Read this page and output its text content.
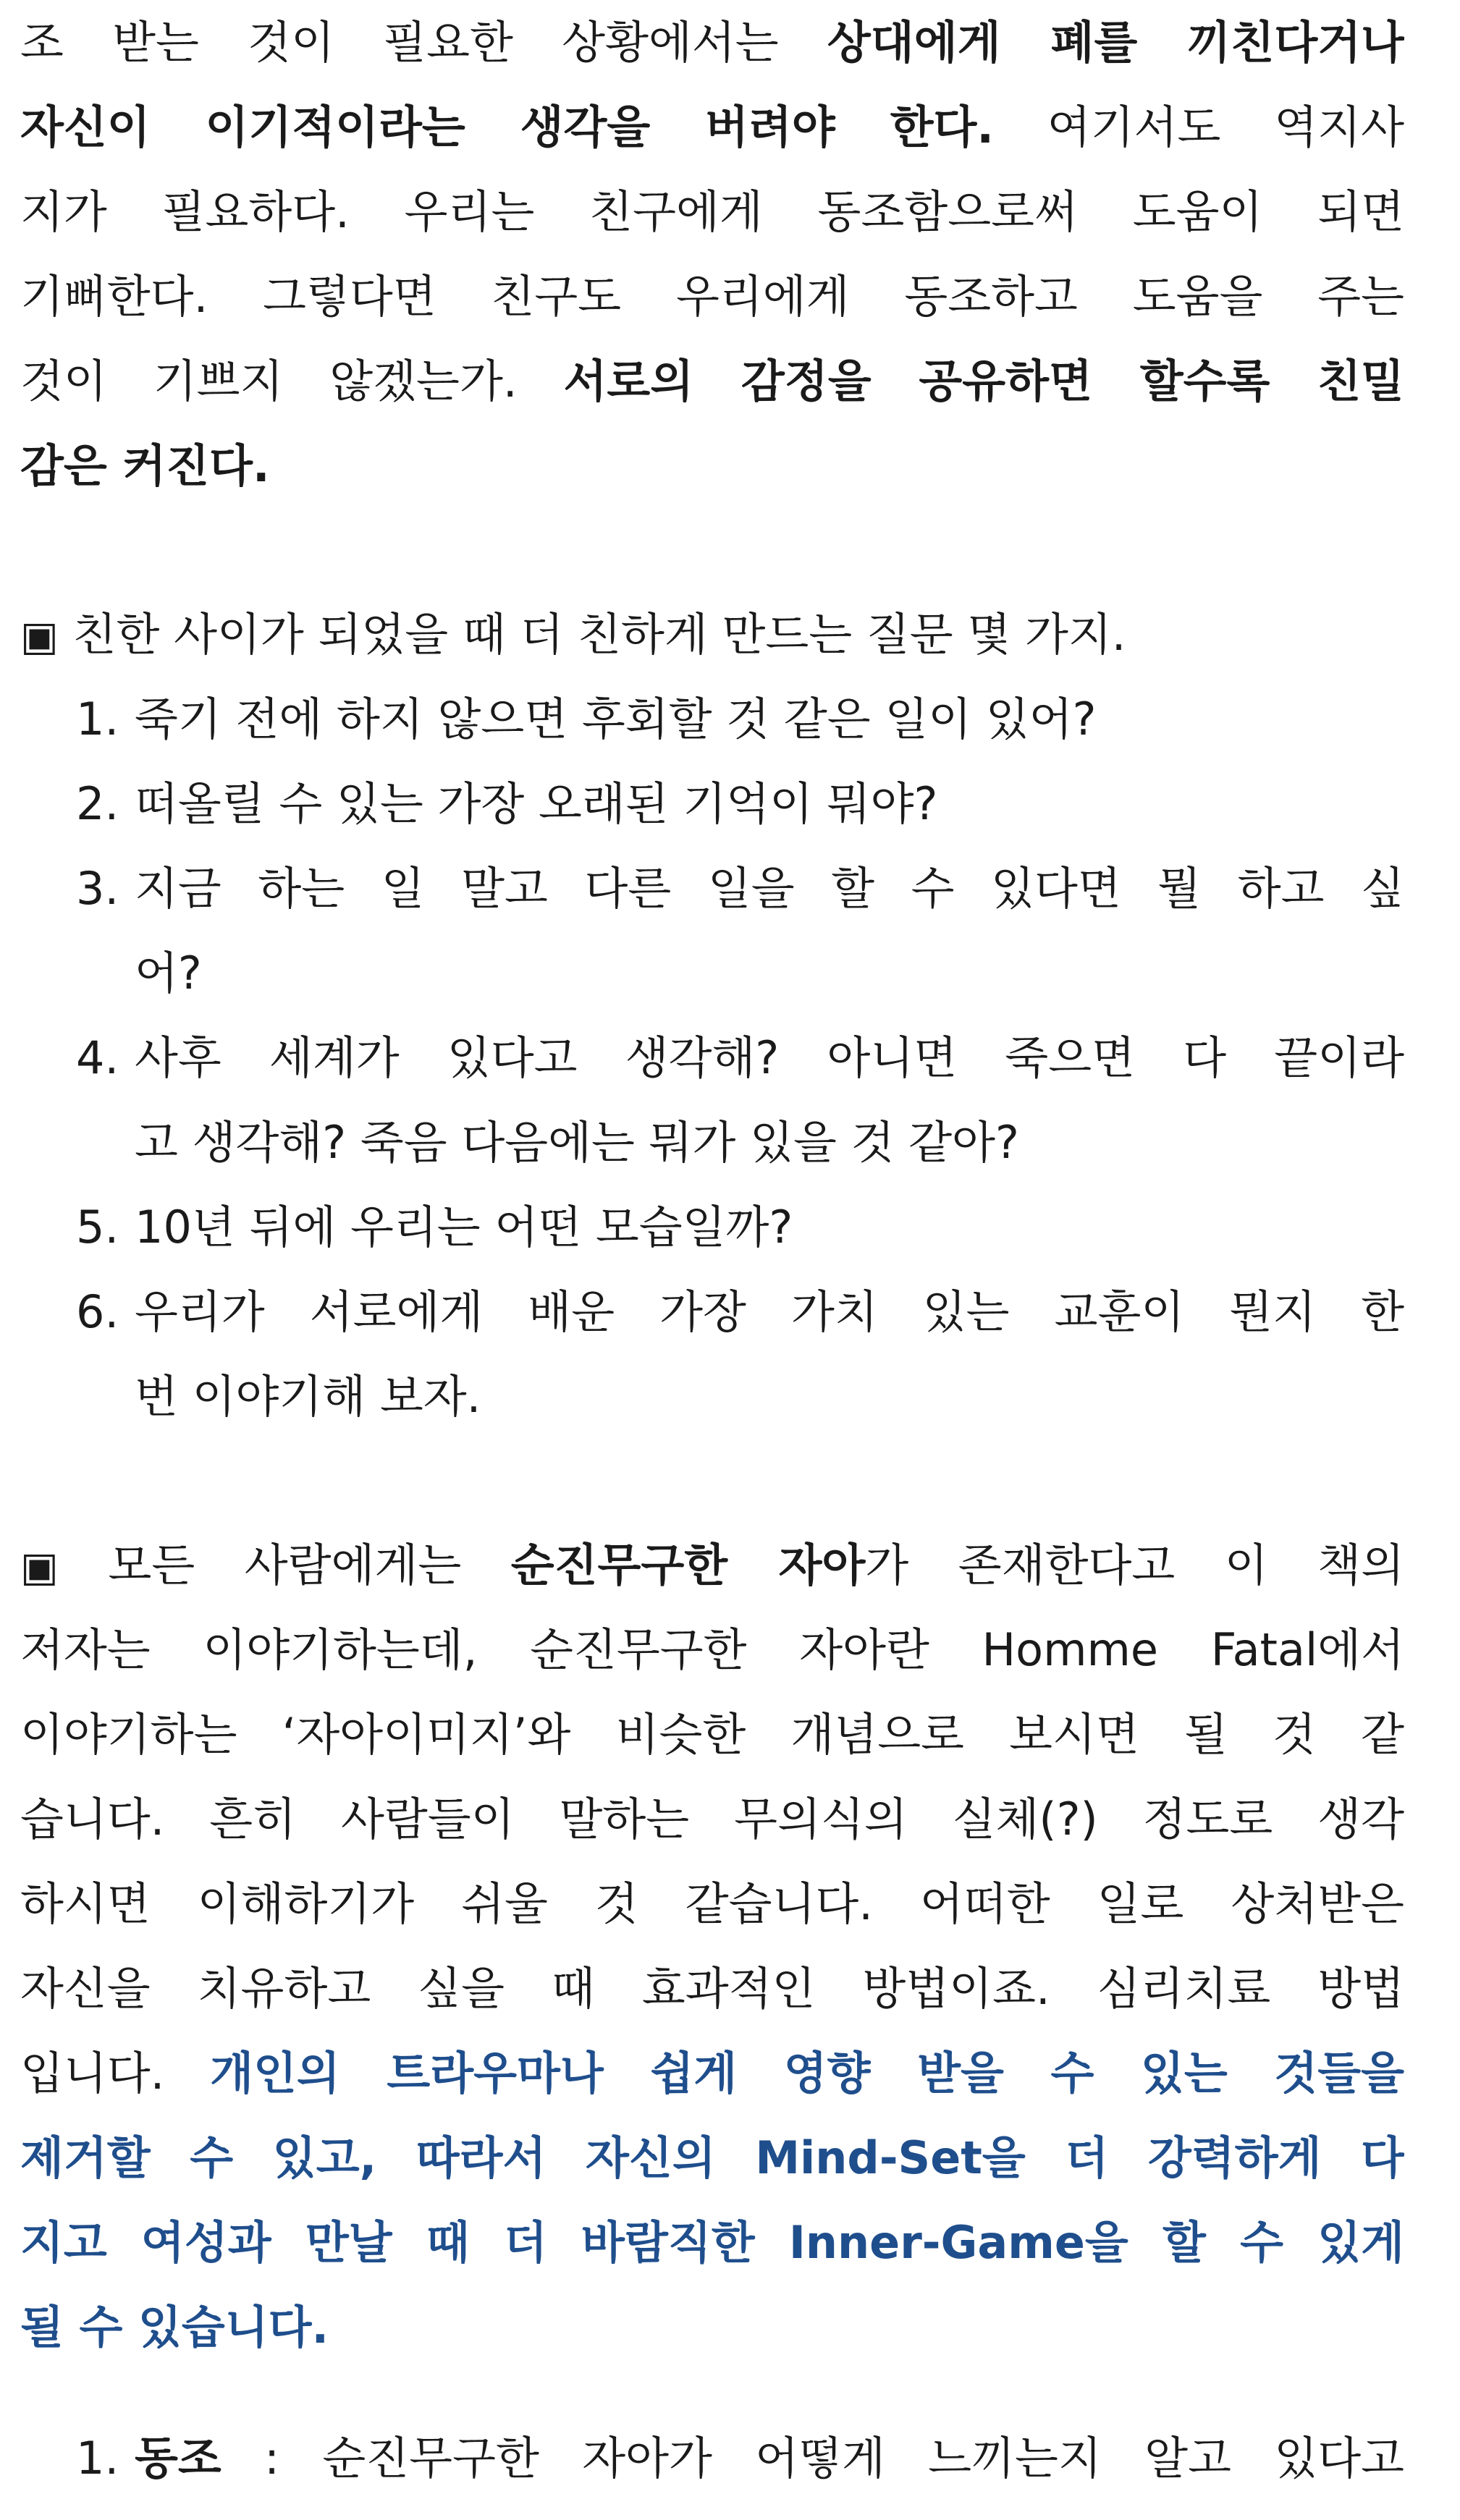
조 받는 것이 필요한 상황에서는 상대에게 폐를 끼친다거나
자신이 이기적이라는 생각을 버려야 한다. 여기서도 역지사
지가 필요하다. 우리는 친구에게 동조함으로써 도움이 되면
기뻐한다. 그렇다면 친구도 우리에게 동조하고 도움을 주는
것이 기쁘지 않겠는가. 서로의 감정을 공유하면 할수록 친밀
감은 커진다.
▣ 친한 사이가 되었을 때 더 친하게 만드는 질문 몇 가지.
1. 죽기 전에 하지 않으면 후회할 것 같은 일이 있어?
2. 떠올릴 수 있는 가장 오래된 기억이 뭐야?
3. 지금 하는 일 말고 다른 일을 할 수 있다면 뭘 하고 싶
어?
4. 사후 세계가 있다고 생각해? 아니면 죽으면 다 끝이라
고 생각해? 죽음 다음에는 뭐가 있을 것 같아?
5. 10년 뒤에 우리는 어떤 모습일까?
6. 우리가 서로에게 배운 가장 가치 있는 교훈이 뭔지 한
번 이야기해 보자.
▣ 모든 사람에게는 순진무구한 자아가 존재한다고 이 책의
저자는 이야기하는데, 순진무구한 자아란 Homme Fatal에서
이야기하는 ‘자아이미지’와 비슷한 개념으로 보시면 될 것 같
습니다. 흔히 사람들이 말하는 무의식의 실체(?) 정도로 생각
하시면 이해하기가 쉬울 것 같습니다. 어떠한 일로 상처받은
자신을 치유하고 싶을 때 효과적인 방법이죠. 심리치료 방법
입니다. 개인의 트라우마나 쉽게 영향 받을 수 있는 것들을
제거할 수 있고, 따라서 자신의 Mind-Set을 더 강력하게 다
지고 여성과 만날 때 더 바람직한 Inner-Game을 할 수 있게
될 수 있습니다.
1. 동조 : 순진무구한 자아가 어떻게 느끼는지 알고 있다고
